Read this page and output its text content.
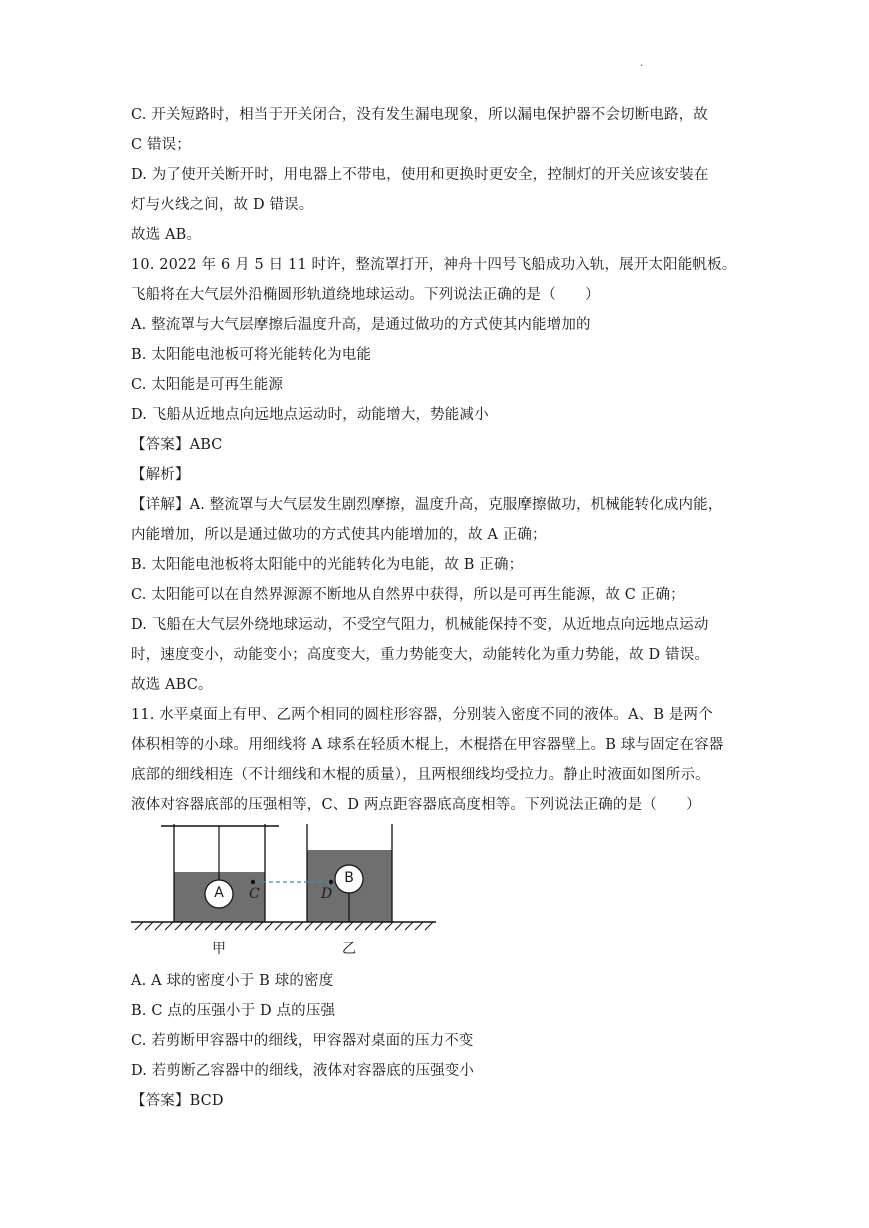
.
C. 开关短路时，相当于开关闭合，没有发生漏电现象，所以漏电保护器不会切断电路，故
C 错误；
D. 为了使开关断开时，用电器上不带电，使用和更换时更安全，控制灯的开关应该安装在
灯与火线之间，故 D 错误。
故选 AB。
10. 2022 年 6 月 5 日 11 时许，整流罩打开，神舟十四号飞船成功入轨，展开太阳能帆板。
飞船将在大气层外沿椭圆形轨道绕地球运动。下列说法正确的是（　　）
A. 整流罩与大气层摩擦后温度升高，是通过做功的方式使其内能增加的
B. 太阳能电池板可将光能转化为电能
C. 太阳能是可再生能源
D. 飞船从近地点向远地点运动时，动能增大，势能减小
【答案】ABC
【解析】
【详解】A. 整流罩与大气层发生剧烈摩擦，温度升高，克服摩擦做功，机械能转化成内能，
内能增加，所以是通过做功的方式使其内能增加的，故 A 正确；
B. 太阳能电池板将太阳能中的光能转化为电能，故 B 正确；
C. 太阳能可以在自然界源源不断地从自然界中获得，所以是可再生能源，故 C 正确；
D. 飞船在大气层外绕地球运动，不受空气阻力，机械能保持不变，从近地点向远地点运动
时，速度变小，动能变小；高度变大，重力势能变大，动能转化为重力势能，故 D 错误。
故选 ABC。
11. 水平桌面上有甲、乙两个相同的圆柱形容器，分别装入密度不同的液体。A、B 是两个
体积相等的小球。用细线将 A 球系在轻质木棍上，木棍搭在甲容器壁上。B 球与固定在容器
底部的细线相连（不计细线和木棍的质量），且两根细线均受拉力。静止时液面如图所示。
液体对容器底部的压强相等，C、D 两点距容器底高度相等。下列说法正确的是（　　）
A
B
C	D
甲	乙
A. A 球的密度小于 B 球的密度
B. C 点的压强小于 D 点的压强
C. 若剪断甲容器中的细线，甲容器对桌面的压力不变
D. 若剪断乙容器中的细线，液体对容器底的压强变小
【答案】BCD
